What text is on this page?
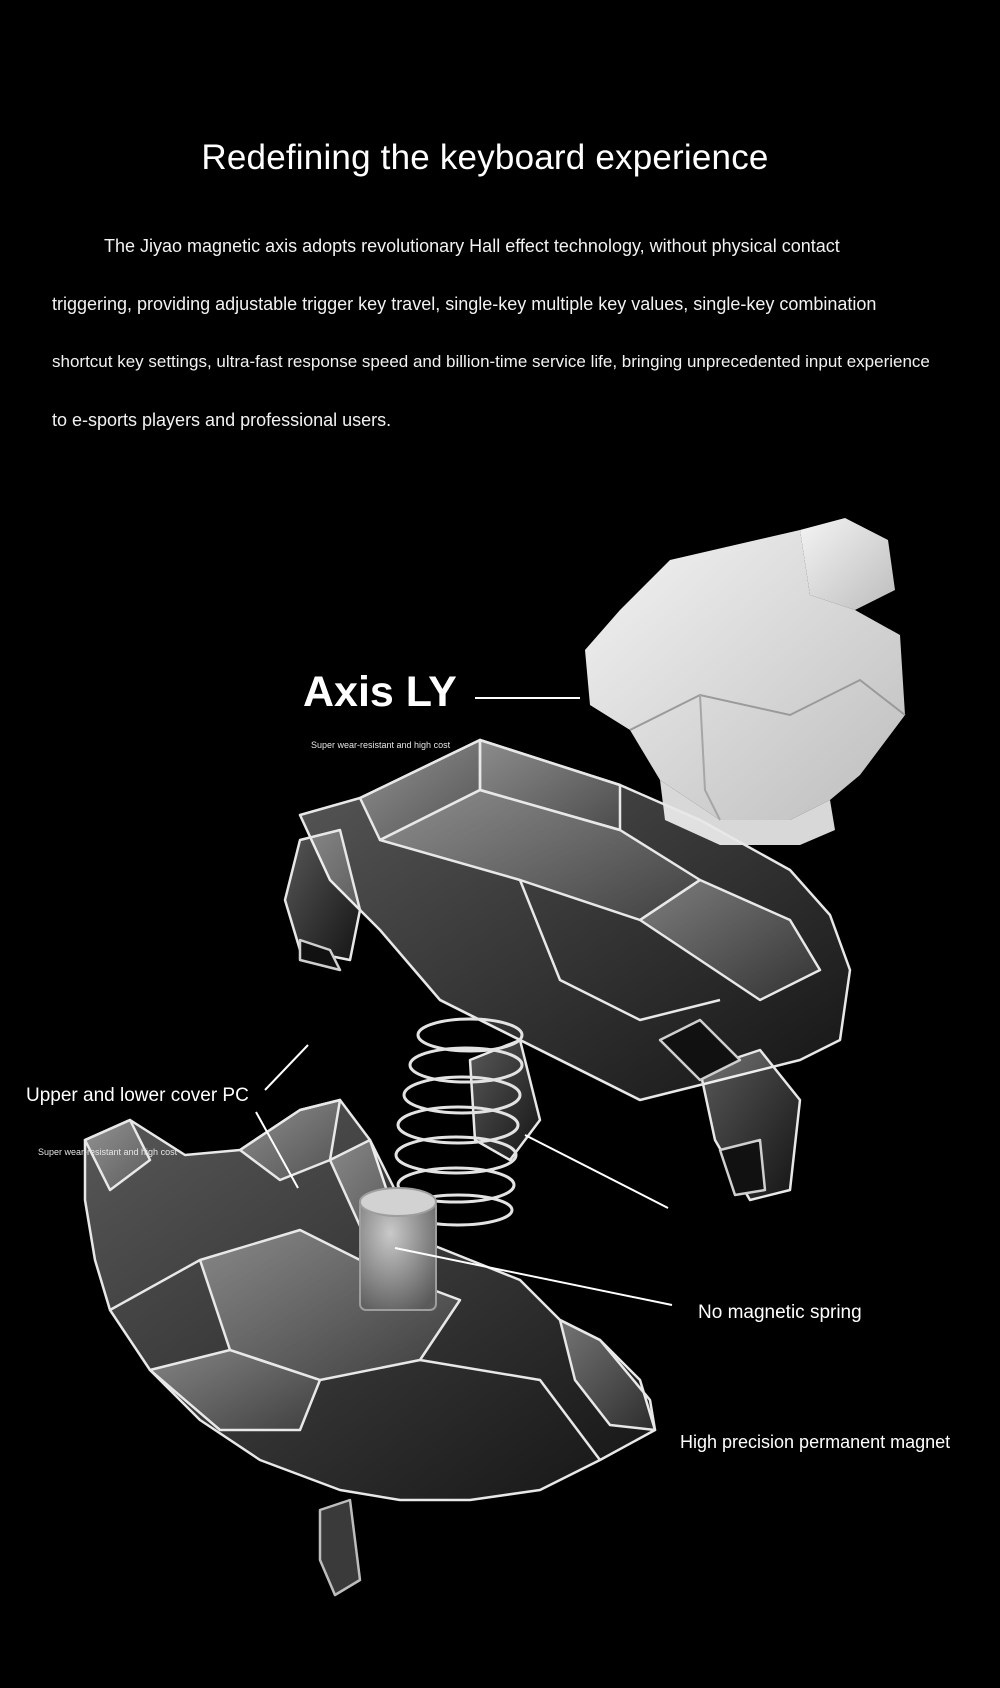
Redefining the keyboard experience
The Jiyao magnetic axis adopts revolutionary Hall effect technology, without physical contact
triggering, providing adjustable trigger key travel, single-key multiple key values, single-key combination
shortcut key settings, ultra-fast response speed and billion-time service life, bringing unprecedented input experience
to e-sports players and professional users.
Axis LY
Super wear-resistant and high cost
Upper and lower cover PC
Super wear-resistant and high cost
No magnetic spring
High precision permanent magnet
